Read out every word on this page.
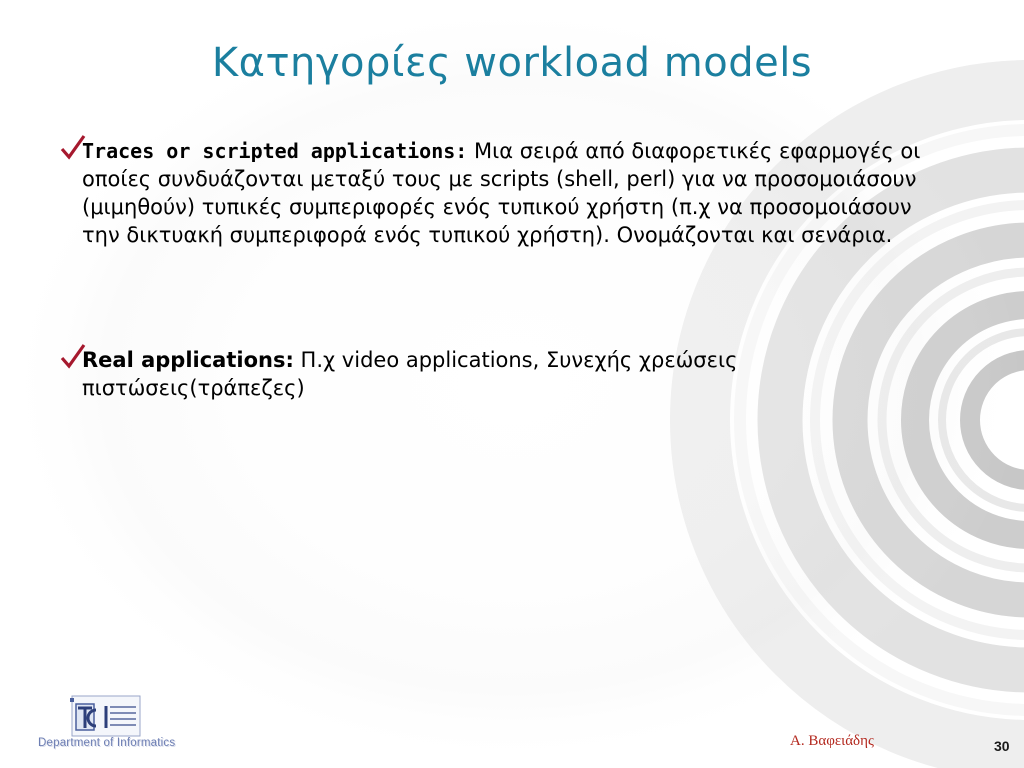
Κατηγορίες workload models
Traces or scripted applications: Μια σειρά από διαφορετικές εφαρμογές οι οποίες συνδυάζονται μεταξύ τους με scripts (shell, perl) για να προσομοιάσουν (μιμηθούν) τυπικές συμπεριφορές ενός τυπικού χρήστη (π.χ να προσομοιάσουν την δικτυακή συμπεριφορά ενός τυπικού χρήστη). Ονομάζονται και σενάρια.
Real applications: Π.χ video applications, Συνεχής χρεώσεις πιστώσεις(τράπεζες)
Department of Informatics	Α. Βαφειάδης	30
